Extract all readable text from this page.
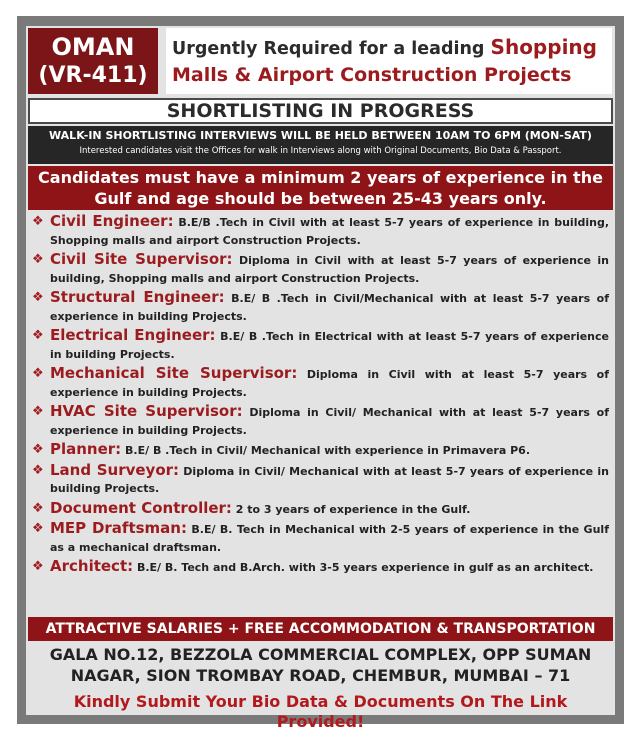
OMAN
(VR-411)
Urgently Required for a leading Shopping
Malls & Airport Construction Projects
SHORTLISTING IN PROGRESS
WALK-IN SHORTLISTING INTERVIEWS WILL BE HELD BETWEEN 10AM TO 6PM (MON-SAT)
Interested candidates visit the Offices for walk in Interviews along with Original Documents, Bio Data & Passport.
Candidates must have a minimum 2 years of experience in the Gulf and age should be between 25-43 years only.
❖ Civil Engineer: B.E/B .Tech in Civil with at least 5-7 years of experience in building, Shopping malls and airport Construction Projects.
❖ Civil Site Supervisor: Diploma in Civil with at least 5-7 years of experience in building, Shopping malls and airport Construction Projects.
❖ Structural Engineer: B.E/ B .Tech in Civil/Mechanical with at least 5-7 years of experience in building Projects.
❖ Electrical Engineer: B.E/ B .Tech in Electrical with at least 5-7 years of experience in building Projects.
❖ Mechanical Site Supervisor: Diploma in Civil with at least 5-7 years of experience in building Projects.
❖ HVAC Site Supervisor: Diploma in Civil/ Mechanical with at least 5-7 years of experience in building Projects.
❖ Planner: B.E/ B .Tech in Civil/ Mechanical with experience in Primavera P6.
❖ Land Surveyor: Diploma in Civil/ Mechanical with at least 5-7 years of experience in building Projects.
❖ Document Controller: 2 to 3 years of experience in the Gulf.
❖ MEP Draftsman: B.E/ B. Tech in Mechanical with 2-5 years of experience in the Gulf as a mechanical draftsman.
❖ Architect: B.E/ B. Tech and B.Arch. with 3-5 years experience in gulf as an architect.
ATTRACTIVE SALARIES + FREE ACCOMMODATION & TRANSPORTATION
GALA NO.12, BEZZOLA COMMERCIAL COMPLEX, OPP SUMAN NAGAR, SION TROMBAY ROAD, CHEMBUR, MUMBAI – 71
Kindly Submit Your Bio Data & Documents On The Link Provided!
